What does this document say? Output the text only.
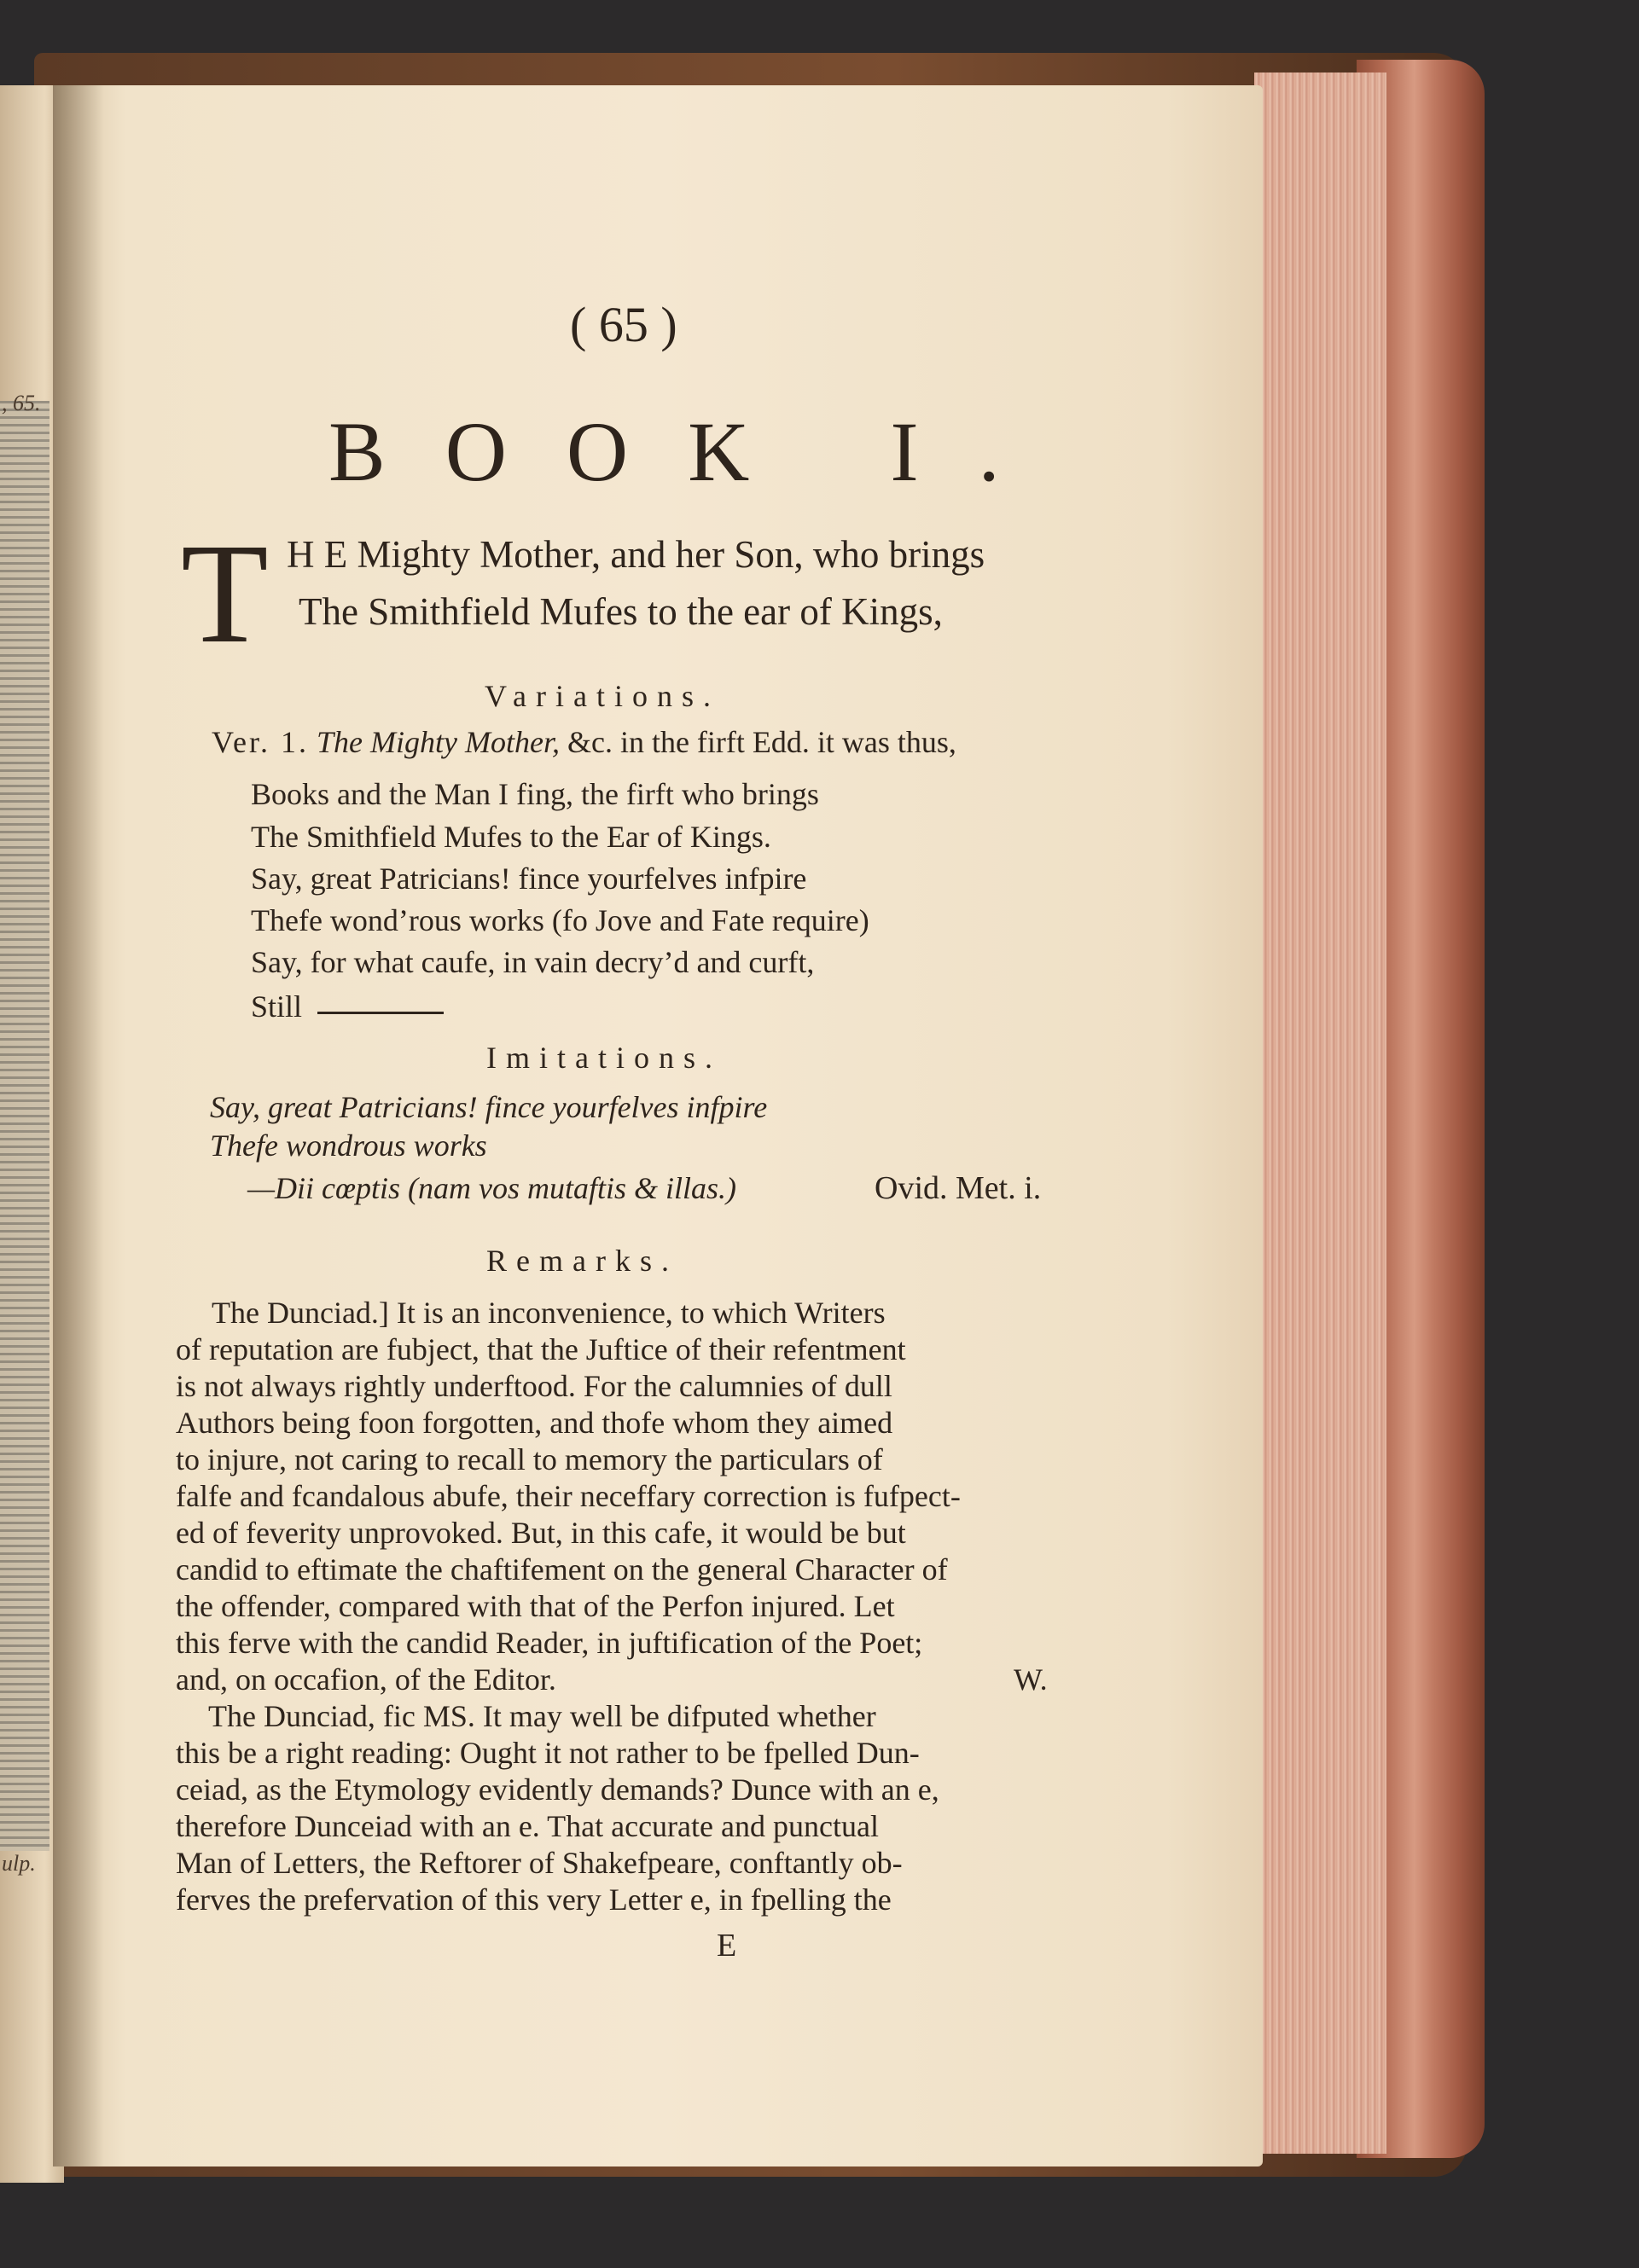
, 65.
ulp.
( 65 )
BOOK I.
T H E Mighty Mother, and her Son, who brings
The Smithfield Mufes to the ear of Kings,
Variations.
Ver. 1. The Mighty Mother, &c. in the firft Edd. it was thus,
Books and the Man I fing, the firft who brings
The Smithfield Mufes to the Ear of Kings.
Say, great Patricians! fince yourfelves infpire
Thefe wond’rous works (fo Jove and Fate require)
Say, for what caufe, in vain decry’d and curft,
Still
Imitations.
Say, great Patricians! fince yourfelves infpire
Thefe wondrous works
—Dii cœptis (nam vos mutaftis & illas.)	Ovid. Met. i.
Remarks.
The Dunciad.] It is an inconvenience, to which Writers
of reputation are fubject, that the Juftice of their refentment
is not always rightly underftood. For the calumnies of dull
Authors being foon forgotten, and thofe whom they aimed
to injure, not caring to recall to memory the particulars of
falfe and fcandalous abufe, their neceffary correction is fufpect-
ed of feverity unprovoked. But, in this cafe, it would be but
candid to eftimate the chaftifement on the general Character of
the offender, compared with that of the Perfon injured. Let
this ferve with the candid Reader, in juftification of the Poet;
and, on occafion, of the Editor.	W.
The Dunciad, fic MS. It may well be difputed whether
this be a right reading: Ought it not rather to be fpelled Dun-
ceiad, as the Etymology evidently demands? Dunce with an e,
therefore Dunceiad with an e. That accurate and punctual
Man of Letters, the Reftorer of Shakefpeare, conftantly ob-
ferves the prefervation of this very Letter e, in fpelling the
E
